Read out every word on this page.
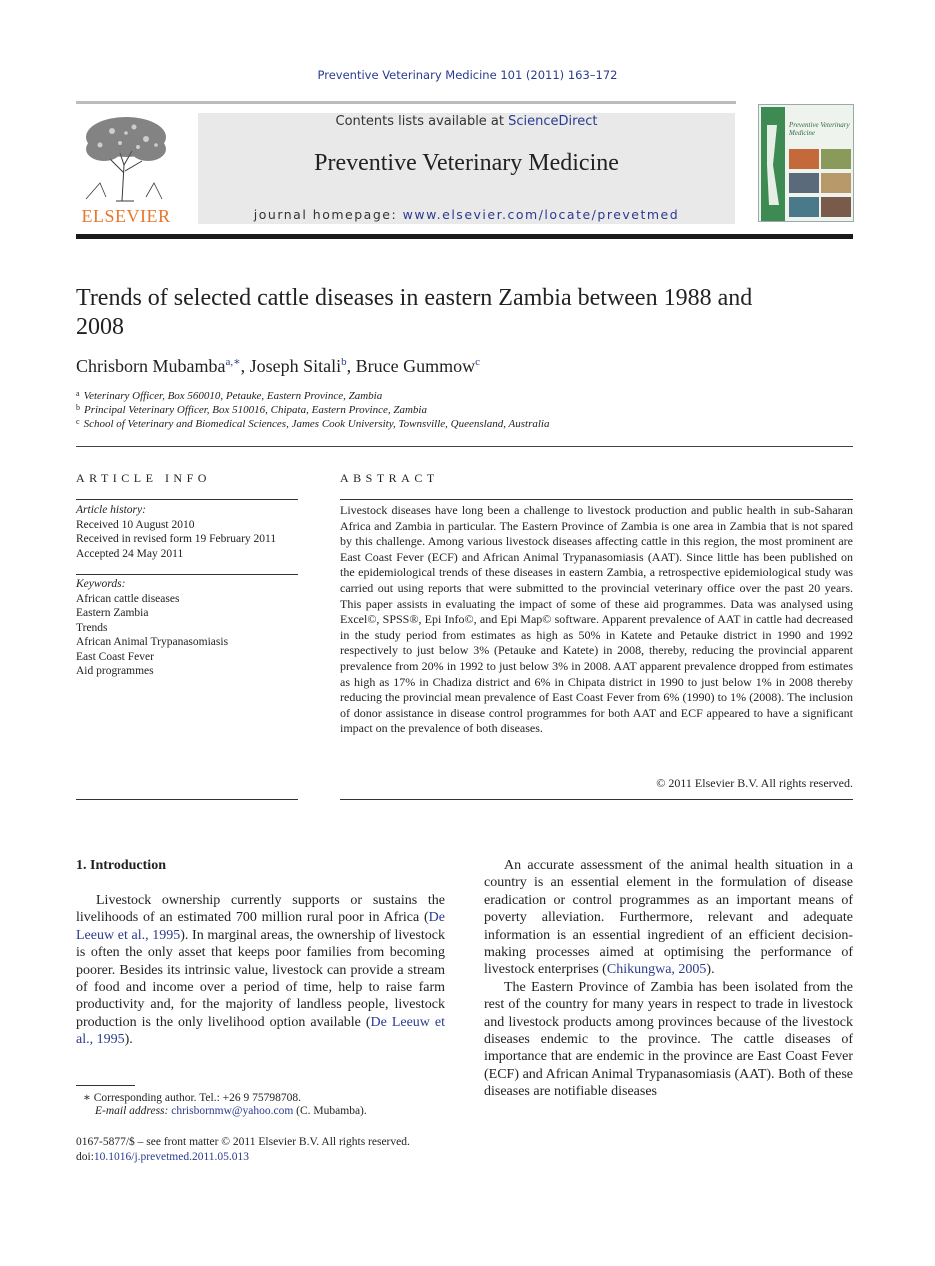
Preventive Veterinary Medicine 101 (2011) 163–172
ELSEVIER
Contents lists available at ScienceDirect
Preventive Veterinary Medicine
journal homepage: www.elsevier.com/locate/prevetmed
Preventive Veterinary Medicine
Trends of selected cattle diseases in eastern Zambia between 1988 and 2008
Chrisborn Mubamba$^{a,∗}$, Joseph Sitali$^b$, Bruce Gummow$^c$
$^a$ Veterinary Officer, Box 560010, Petauke, Eastern Province, Zambia
$^b$ Principal Veterinary Officer, Box 510016, Chipata, Eastern Province, Zambia
$^c$ School of Veterinary and Biomedical Sciences, James Cook University, Townsville, Queensland, Australia
ARTICLE INFO
Article history:
Received 10 August 2010
Received in revised form 19 February 2011
Accepted 24 May 2011
Keywords:
African cattle diseases
Eastern Zambia
Trends
African Animal Trypanasomiasis
East Coast Fever
Aid programmes
ABSTRACT
Livestock diseases have long been a challenge to livestock production and public health in sub-Saharan Africa and Zambia in particular. The Eastern Province of Zambia is one area in Zambia that is not spared by this challenge. Among various livestock diseases affecting cattle in this region, the most prominent are East Coast Fever (ECF) and African Animal Trypanasomiasis (AAT). Since little has been published on the epidemiological trends of these diseases in eastern Zambia, a retrospective epidemiological study was carried out using reports that were submitted to the provincial veterinary office over the past 20 years. This paper assists in evaluating the impact of some of these aid programmes. Data was analysed using Excel©, SPSS®, Epi Info©, and Epi Map© software. Apparent prevalence of AAT in cattle had decreased in the study period from estimates as high as 50% in Katete and Petauke district in 1990 and 1992 respectively to just below 3% (Petauke and Katete) in 2008, thereby, reducing the provincial apparent prevalence from 20% in 1992 to just below 3% in 2008. AAT apparent prevalence dropped from estimates as high as 17% in Chadiza district and 6% in Chipata district in 1990 to just below 1% in 2008 thereby reducing the provincial mean prevalence of East Coast Fever from 6% (1990) to 1% (2008). The inclusion of donor assistance in disease control programmes for both AAT and ECF appeared to have a significant impact on the prevalence of both diseases.
© 2011 Elsevier B.V. All rights reserved.
1. Introduction

Livestock ownership currently supports or sustains the livelihoods of an estimated 700 million rural poor in Africa (De Leeuw et al., 1995). In marginal areas, the ownership of livestock is often the only asset that keeps poor families from becoming poorer. Besides its intrinsic value, livestock can provide a stream of food and income over a period of time, help to raise farm productivity and, for the majority of landless people, livestock production is the only livelihood option available (De Leeuw et al., 1995).

An accurate assessment of the animal health situation in a country is an essential element in the formulation of disease eradication or control programmes as an important means of poverty alleviation. Furthermore, relevant and adequate information is an essential ingredient of an efficient decision-making processes aimed at optimising the performance of livestock enterprises (Chikungwa, 2005).

The Eastern Province of Zambia has been isolated from the rest of the country for many years in respect to trade in livestock and livestock products among provinces because of the livestock diseases endemic to the province. The cattle diseases of importance that are endemic in the province are East Coast Fever (ECF) and African Animal Trypanasomiasis (AAT). Both of these diseases are notifiable diseases

∗ Corresponding author. Tel.: +26 9 75798708.
E-mail address: chrisbornmw@yahoo.com (C. Mubamba).
0167-5877/$ – see front matter © 2011 Elsevier B.V. All rights reserved.
doi:10.1016/j.prevetmed.2011.05.013
